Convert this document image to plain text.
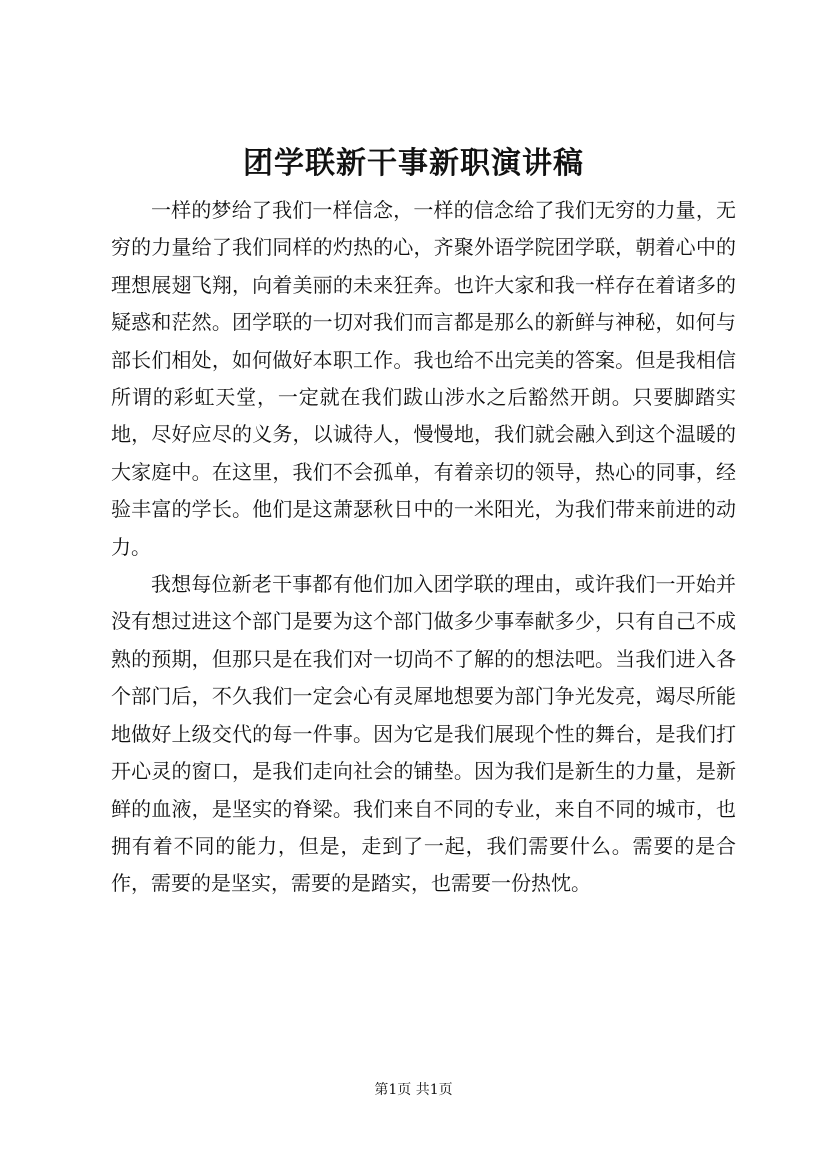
团学联新干事新职演讲稿

一样的梦给了我们一样信念，一样的信念给了我们无穷的力量，无穷的力量给了我们同样的灼热的心，齐聚外语学院团学联，朝着心中的理想展翅飞翔，向着美丽的未来狂奔。也许大家和我一样存在着诸多的疑惑和茫然。团学联的一切对我们而言都是那么的新鲜与神秘，如何与部长们相处，如何做好本职工作。我也给不出完美的答案。但是我相信所谓的彩虹天堂，一定就在我们跋山涉水之后豁然开朗。只要脚踏实地，尽好应尽的义务，以诚待人，慢慢地，我们就会融入到这个温暖的大家庭中。在这里，我们不会孤单，有着亲切的领导，热心的同事，经验丰富的学长。他们是这萧瑟秋日中的一米阳光，为我们带来前进的动力。

我想每位新老干事都有他们加入团学联的理由，或许我们一开始并没有想过进这个部门是要为这个部门做多少事奉献多少，只有自己不成熟的预期，但那只是在我们对一切尚不了解的的想法吧。当我们进入各个部门后，不久我们一定会心有灵犀地想要为部门争光发亮，竭尽所能地做好上级交代的每一件事。因为它是我们展现个性的舞台，是我们打开心灵的窗口，是我们走向社会的铺垫。因为我们是新生的力量，是新鲜的血液，是坚实的脊梁。我们来自不同的专业，来自不同的城市，也拥有着不同的能力，但是，走到了一起，我们需要什么。需要的是合作，需要的是坚实，需要的是踏实，也需要一份热忱。

第1页 共1页
